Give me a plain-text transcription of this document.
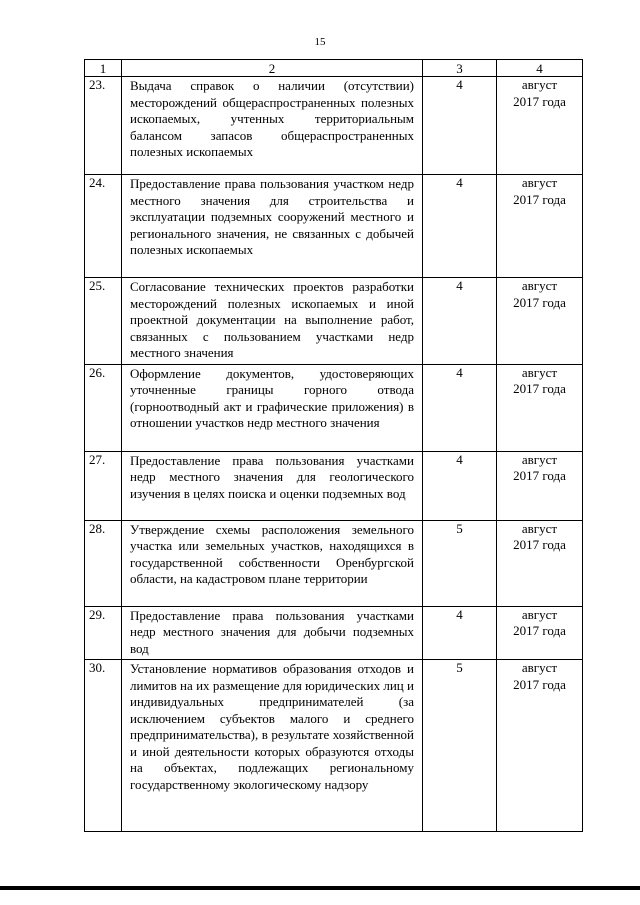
15
1	2	3	4
23.	Выдача справок о наличии (отсутствии) месторождений общераспространенных полезных ископаемых, учтенных территориальным балансом запасов общераспространенных полезных ископаемых	4	август
2017 года

24.	Предоставление права пользования участком недр местного значения для строительства и эксплуатации подземных сооружений местного и регионального значения, не связанных с добычей полезных ископаемых	4	август
2017 года

25.	Согласование технических проектов разработки месторождений полезных ископаемых и иной проектной документации на выполнение работ, связанных с пользованием участками недр местного значения	4	август
2017 года

26.	Оформление документов, удостоверяющих уточненные границы горного отвода (горноотводный акт и графические приложения) в отношении участков недр местного значения	4	август
2017 года

27.	Предоставление права пользования участками недр местного значения для геологического изучения в целях поиска и оценки подземных вод	4	август
2017 года

28.	Утверждение схемы расположения земельного участка или земельных участков, находящихся в государственной собственности Оренбургской области, на кадастровом плане территории	5	август
2017 года

29.	Предоставление права пользования участками недр местного значения для добычи подземных вод	4	август
2017 года

30.	Установление нормативов образования отходов и лимитов на их размещение для юридических лиц и индивидуальных предпринимателей (за исключением субъектов малого и среднего предпринимательства), в результате хозяйственной и иной деятельности которых образуются отходы на объектах, подлежащих региональному государственному экологическому надзору	5	август
2017 года
